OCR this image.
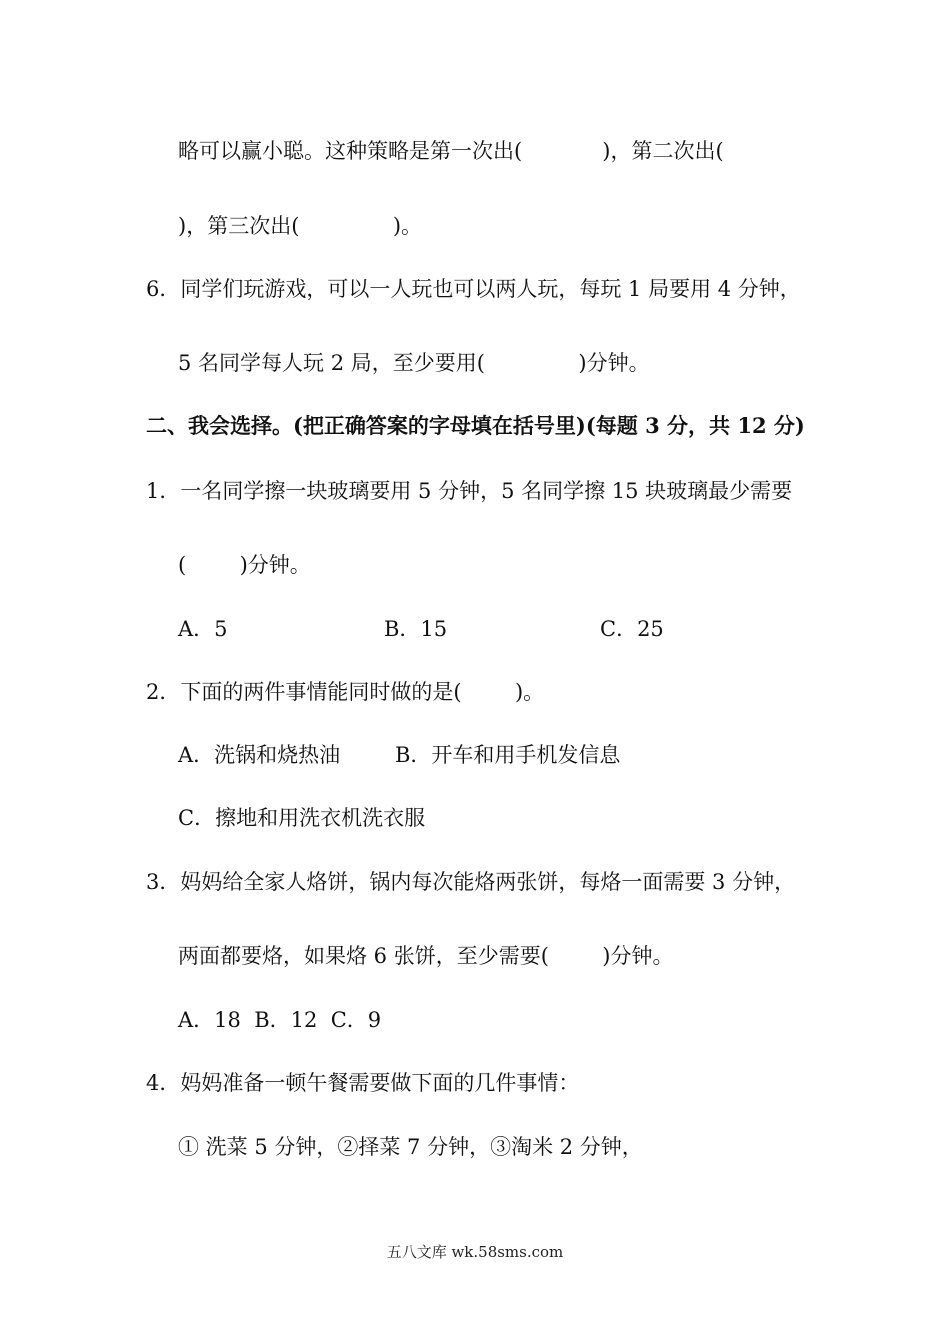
略可以赢小聪。这种策略是第一次出(            )，第二次出(
)，第三次出(              )。
6．同学们玩游戏，可以一人玩也可以两人玩，每玩 1 局要用 4 分钟，
5 名同学每人玩 2 局，至少要用(              )分钟。
二、我会选择。(把正确答案的字母填在括号里)(每题 3 分，共 12 分)
1．一名同学擦一块玻璃要用 5 分钟，5 名同学擦 15 块玻璃最少需要
(        )分钟。
A．5	B．15	C．25
2．下面的两件事情能同时做的是(        )。
A．洗锅和烧热油	B．开车和用手机发信息
C．擦地和用洗衣机洗衣服
3．妈妈给全家人烙饼，锅内每次能烙两张饼，每烙一面需要 3 分钟，
两面都要烙，如果烙 6 张饼，至少需要(        )分钟。
A．18  B．12  C．9
4．妈妈准备一顿午餐需要做下面的几件事情：
① 洗菜 5 分钟，②择菜 7 分钟，③淘米 2 分钟，
五八文库 wk.58sms.com
